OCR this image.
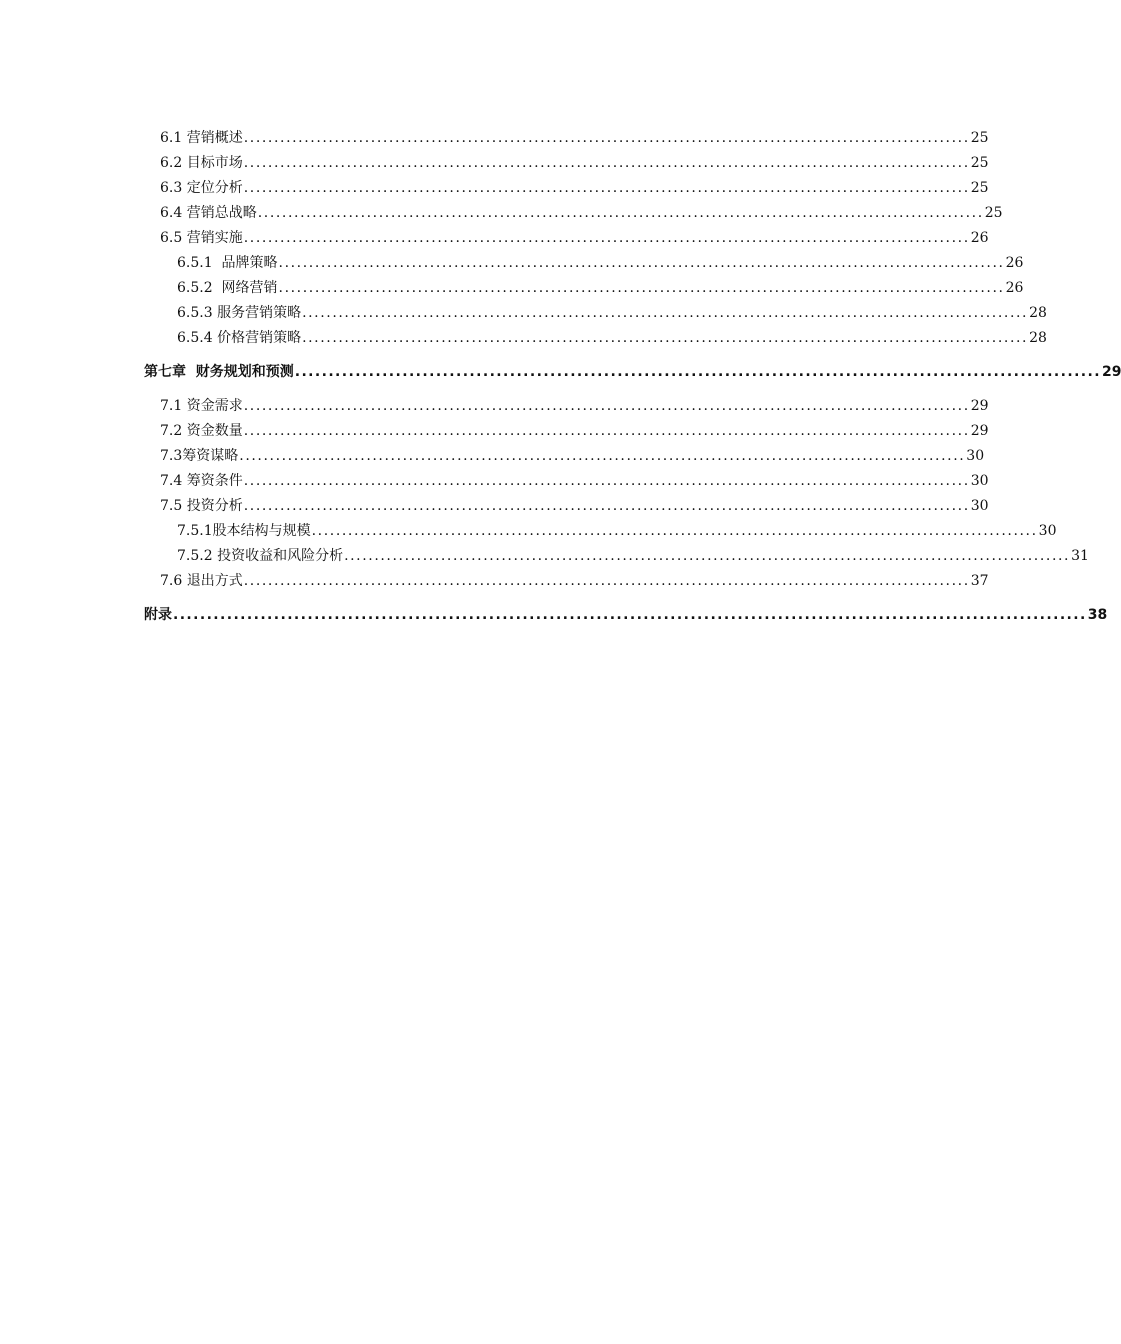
6.1 营销概述 ........................................................................................................................ 25
6.2 目标市场 ........................................................................................................................ 25
6.3 定位分析 ........................................................................................................................ 25
6.4 营销总战略 ........................................................................................................................ 25
6.5 营销实施 ........................................................................................................................ 26
6.5.1  品牌策略 ........................................................................................................................ 26
6.5.2  网络营销 ........................................................................................................................ 26
6.5.3 服务营销策略 ........................................................................................................................ 28
6.5.4 价格营销策略 ........................................................................................................................ 28
第七章  财务规划和预测 ........................................................................................................................ 29
7.1 资金需求 ........................................................................................................................ 29
7.2 资金数量 ........................................................................................................................ 29
7.3筹资谋略 ........................................................................................................................ 30
7.4 筹资条件 ........................................................................................................................ 30
7.5 投资分析 ........................................................................................................................ 30
7.5.1股本结构与规模 ........................................................................................................................ 30
7.5.2 投资收益和风险分析 ........................................................................................................................ 31
7.6 退出方式 ........................................................................................................................ 37
附录 ........................................................................................................................................ 38
